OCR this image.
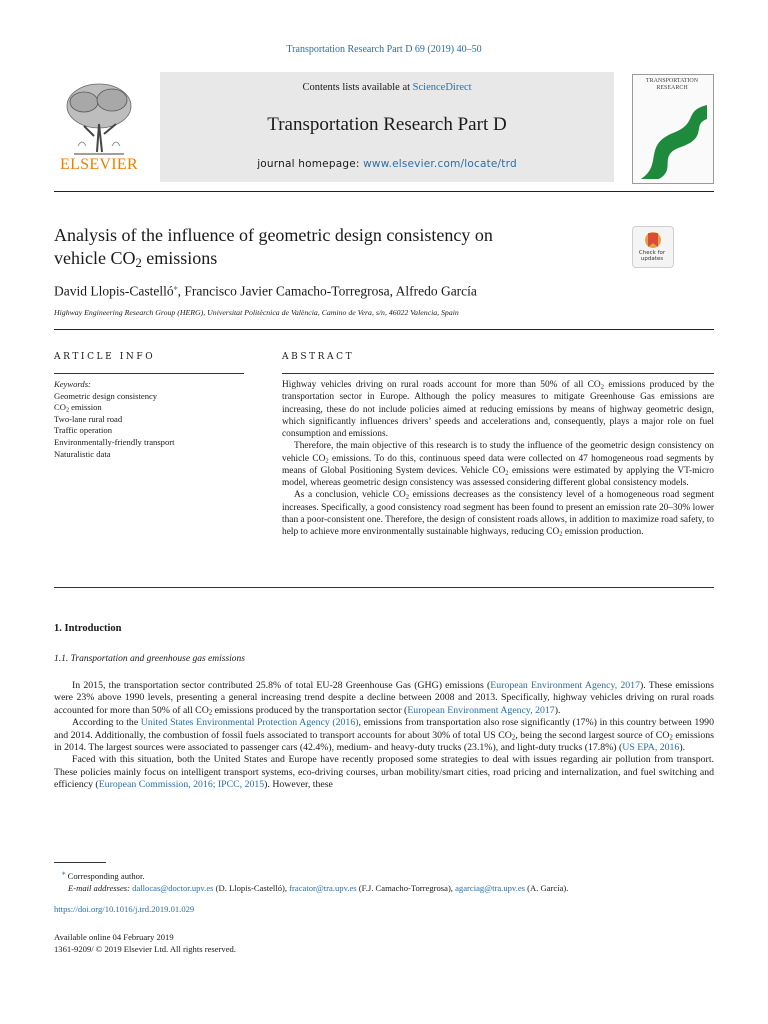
Transportation Research Part D 69 (2019) 40–50
ELSEVIER
Contents lists available at ScienceDirect
Transportation Research Part D
journal homepage: www.elsevier.com/locate/trd
TRANSPORTATION
RESEARCH
Analysis of the influence of geometric design consistency on
vehicle $CO_2$ emissions	Check for
updates
David Llopis-Castelló⁎, Francisco Javier Camacho-Torregrosa, Alfredo García
Highway Engineering Research Group (HERG), Universitat Politècnica de València, Camino de Vera, s/n, 46022 Valencia, Spain
ARTICLE INFO	ABSTRACT
Keywords:
Geometric design consistency
$CO_2$ emission
Two-lane rural road
Traffic operation
Environmentally-friendly transport
Naturalistic data

Highway vehicles driving on rural roads account for more than 50% of all $CO_2$ emissions produced by the transportation sector in Europe. Although the policy measures to mitigate Greenhouse Gas emissions are increasing, these do not include policies aimed at reducing emissions by means of highway geometric design, which significantly influences drivers’ speeds and accelerations and, consequently, plays a major role on fuel consumption and emissions.

Therefore, the main objective of this research is to study the influence of the geometric design consistency on vehicle $CO_2$ emissions. To do this, continuous speed data were collected on 47 homogeneous road segments by means of Global Positioning System devices. Vehicle $CO_2$ emissions were estimated by applying the VT-micro model, whereas geometric design consistency was assessed considering different global consistency models.

As a conclusion, vehicle $CO_2$ emissions decreases as the consistency level of a homogeneous road segment increases. Specifically, a good consistency road segment has been found to present an emission rate 20–30% lower than a poor-consistent one. Therefore, the design of consistent roads allows, in addition to maximize road safety, to help to achieve more environmentally sustainable highways, reducing $CO_2$ emission production.

1. Introduction
1.1. Transportation and greenhouse gas emissions

In 2015, the transportation sector contributed 25.8% of total EU-28 Greenhouse Gas (GHG) emissions (European Environment Agency, 2017). These emissions were 23% above 1990 levels, presenting a general increasing trend despite a decline between 2008 and 2013. Specifically, highway vehicles driving on rural roads accounted for more than 50% of all $CO_2$ emissions produced by the transportation sector (European Environment Agency, 2017).

According to the United States Environmental Protection Agency (2016), emissions from transportation also rose significantly (17%) in this country between 1990 and 2014. Additionally, the combustion of fossil fuels associated to transport accounts for about 30% of total US $CO_2$, being the second largest source of $CO_2$ emissions in 2014. The largest sources were associated to passenger cars (42.4%), medium- and heavy-duty trucks (23.1%), and light-duty trucks (17.8%) (US EPA, 2016).

Faced with this situation, both the United States and Europe have recently proposed some strategies to deal with issues regarding air pollution from transport. These policies mainly focus on intelligent transport systems, eco-driving courses, urban mobility/smart cities, road pricing and internalization, and fuel switching and efficiency (European Commission, 2016; IPCC, 2015). However, these

⁎ Corresponding author.
E-mail addresses: dallocas@doctor.upv.es (D. Llopis-Castelló), fracator@tra.upv.es (F.J. Camacho-Torregrosa), agarciag@tra.upv.es (A. García).
https://doi.org/10.1016/j.trd.2019.01.029
Available online 04 February 2019
1361-9209/ © 2019 Elsevier Ltd. All rights reserved.
